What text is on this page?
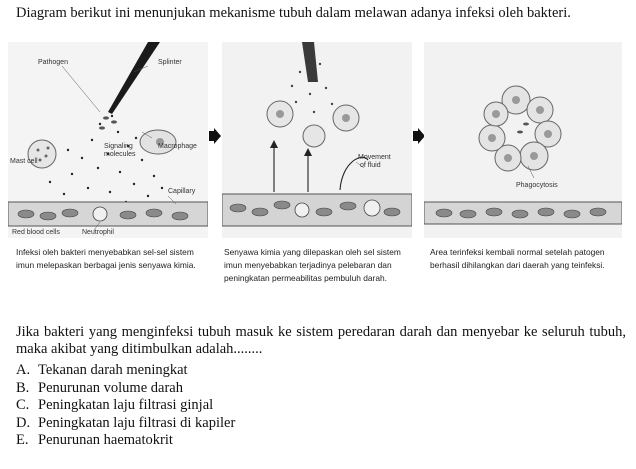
Diagram berikut ini menunjukan mekanisme tubuh dalam melawan adanya infeksi oleh bakteri.
Pathogen	Splinter
Signaling
molecules
Macrophage
Mast cell
Capillary
Red blood cells	Neutrophil
Movement
of fluid
Phagocytosis
Infeksi oleh bakteri menyebabkan sel-sel sistem imun melepaskan berbagai jenis senyawa kimia.
Senyawa kimia yang dilepaskan oleh sel sistem imun menyebabkan terjadinya pelebaran dan peningkatan permeabilitas pembuluh darah.
Area terinfeksi kembali normal setelah patogen berhasil dihilangkan dari daerah yang teinfeksi.
Jika bakteri yang menginfeksi tubuh masuk ke sistem peredaran darah dan menyebar ke seluruh tubuh, maka akibat yang ditimbulkan adalah........
A. Tekanan darah meningkat
B. Penurunan volume darah
C. Peningkatan laju filtrasi ginjal
D. Peningkatan laju filtrasi di kapiler
E. Penurunan haematokrit
